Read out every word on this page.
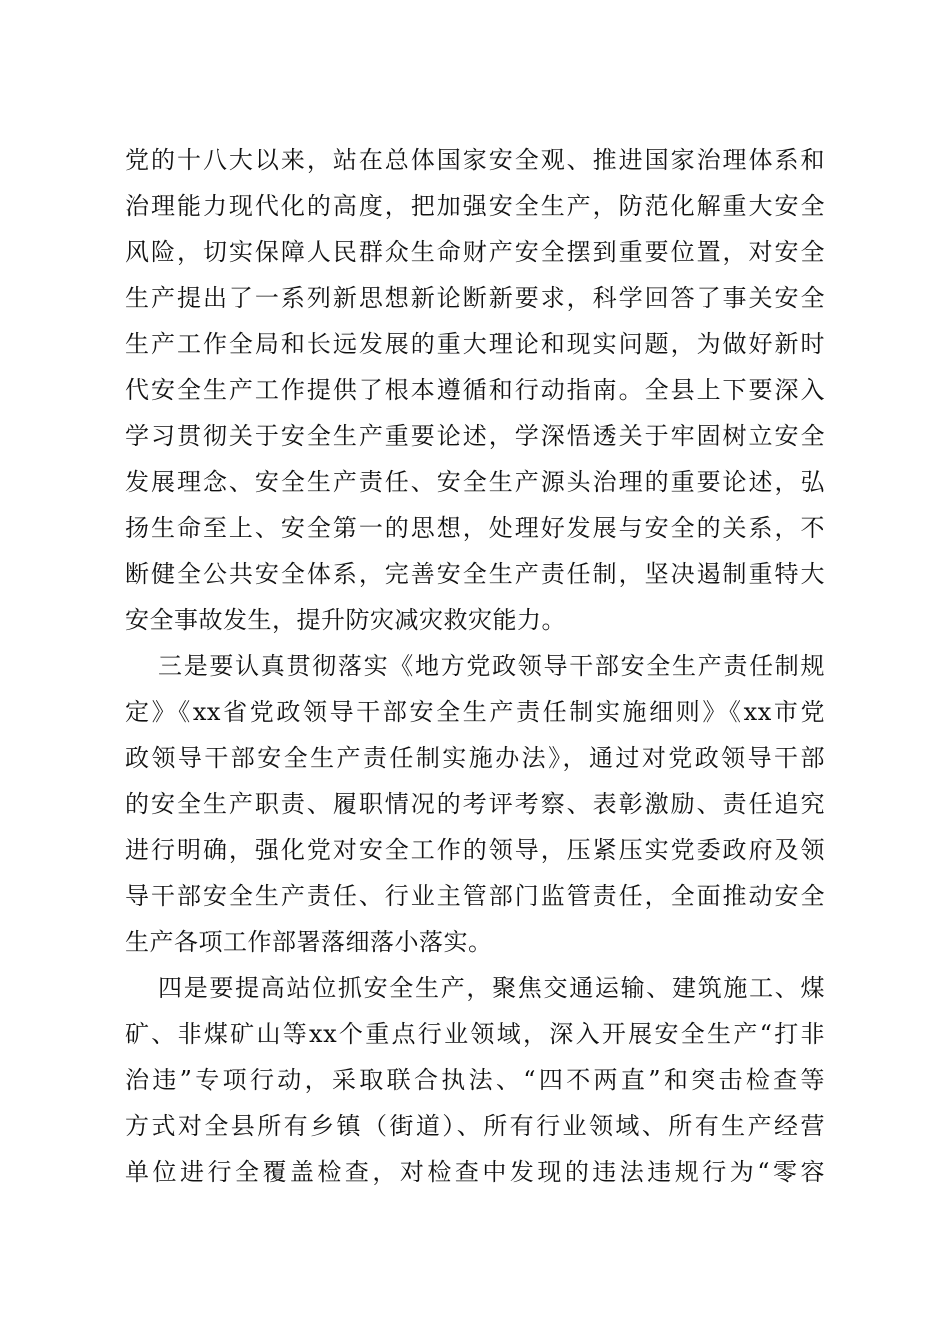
党的十八大以来，站在总体国家安全观、推进国家治理体系和
治理能力现代化的高度，把加强安全生产，防范化解重大安全
风险，切实保障人民群众生命财产安全摆到重要位置，对安全
生产提出了一系列新思想新论断新要求，科学回答了事关安全
生产工作全局和长远发展的重大理论和现实问题，为做好新时
代安全生产工作提供了根本遵循和行动指南。全县上下要深入
学习贯彻关于安全生产重要论述，学深悟透关于牢固树立安全
发展理念、安全生产责任、安全生产源头治理的重要论述，弘
扬生命至上、安全第一的思想，处理好发展与安全的关系，不
断健全公共安全体系，完善安全生产责任制，坚决遏制重特大
安全事故发生，提升防灾减灾救灾能力。
三是要认真贯彻落实《地方党政领导干部安全生产责任制规
定》《xx省党政领导干部安全生产责任制实施细则》《xx市党
政领导干部安全生产责任制实施办法》，通过对党政领导干部
的安全生产职责、履职情况的考评考察、表彰激励、责任追究
进行明确，强化党对安全工作的领导，压紧压实党委政府及领
导干部安全生产责任、行业主管部门监管责任，全面推动安全
生产各项工作部署落细落小落实。
四是要提高站位抓安全生产，聚焦交通运输、建筑施工、煤
矿、非煤矿山等xx个重点行业领域，深入开展安全生产“打非
治违”专项行动，采取联合执法、“四不两直”和突击检查等
方式对全县所有乡镇（街道）、所有行业领域、所有生产经营
单位进行全覆盖检查，对检查中发现的违法违规行为“零容
